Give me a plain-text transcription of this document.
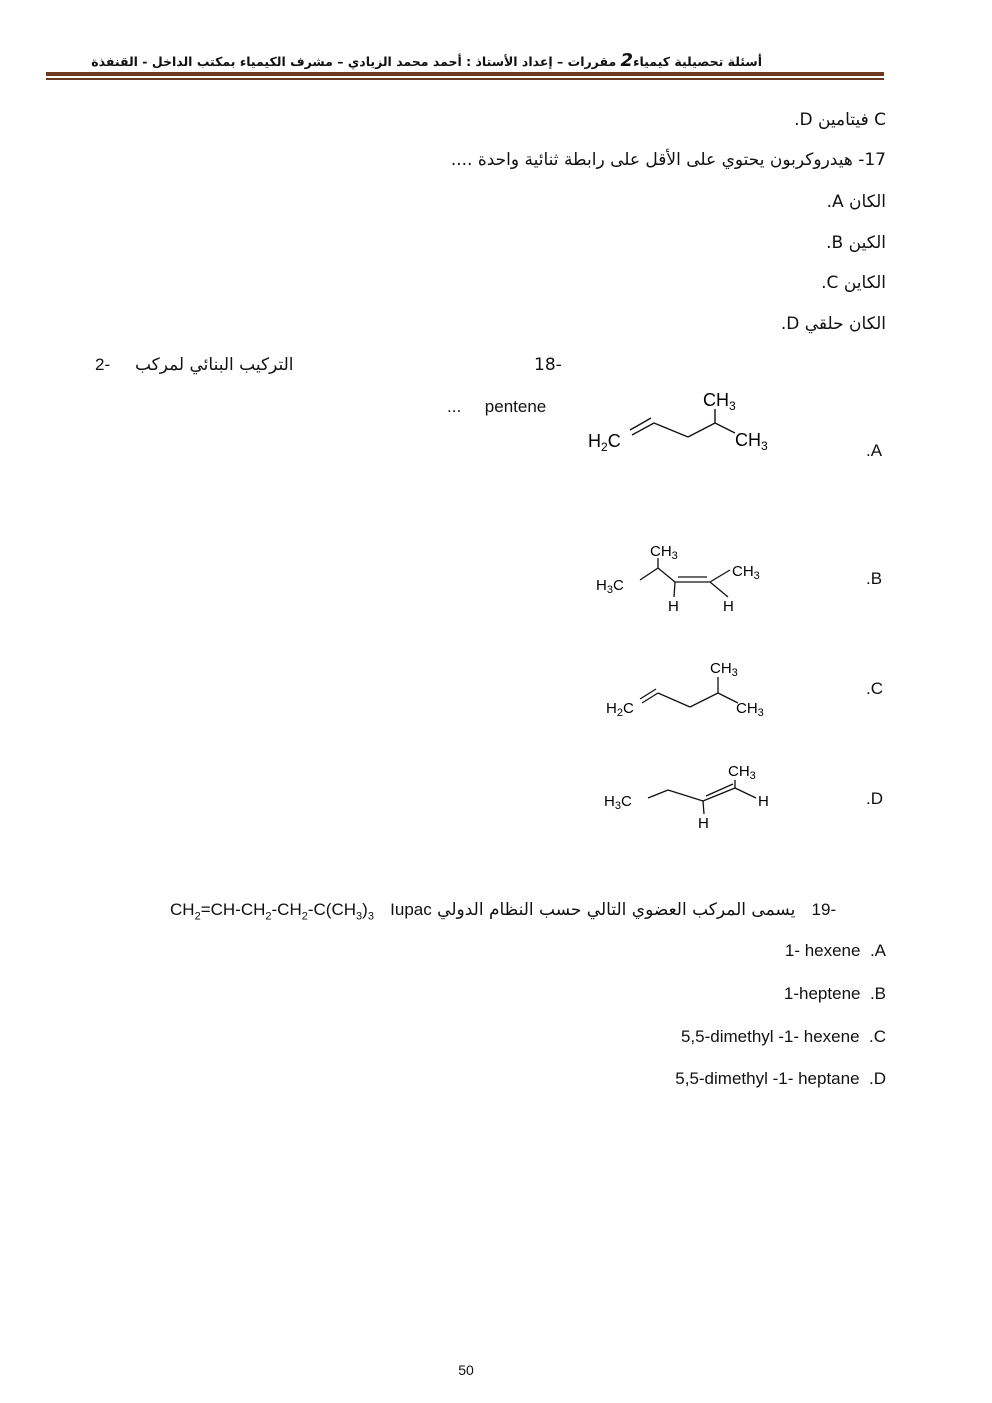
أسئلة تحصيلية كيمياء2 مقررات – إعداد الأستاذ : أحمد محمد الزيادي – مشرف الكيمياء بمكتب الداخل - القنفذة
.D فيتامين C
17- هيدروكربون يحتوي على الأقل على رابطة ثنائية واحدة ....
.A الكان
.B الكين
.C الكاين
.D الكان حلقي
18-
2- التركيب البنائي لمركب
... pentene
.A
.B
.C
.D
$H_2C$
$CH_3$
$CH_3$
$CH_3$
$H_3C$
$CH_3$
H	H
$CH_3$
$H_2C$	$CH_3$
$CH_3$
$H_3C$	H
H
$CH_2=CH-CH_2-CH_2-C(CH_3)_3$ Iupac يسمى المركب العضوي التالي حسب النظام الدولي 19-
1- hexene .A
1-heptene .B
5,5-dimethyl -1- hexene .C
5,5-dimethyl -1- heptane .D
50
